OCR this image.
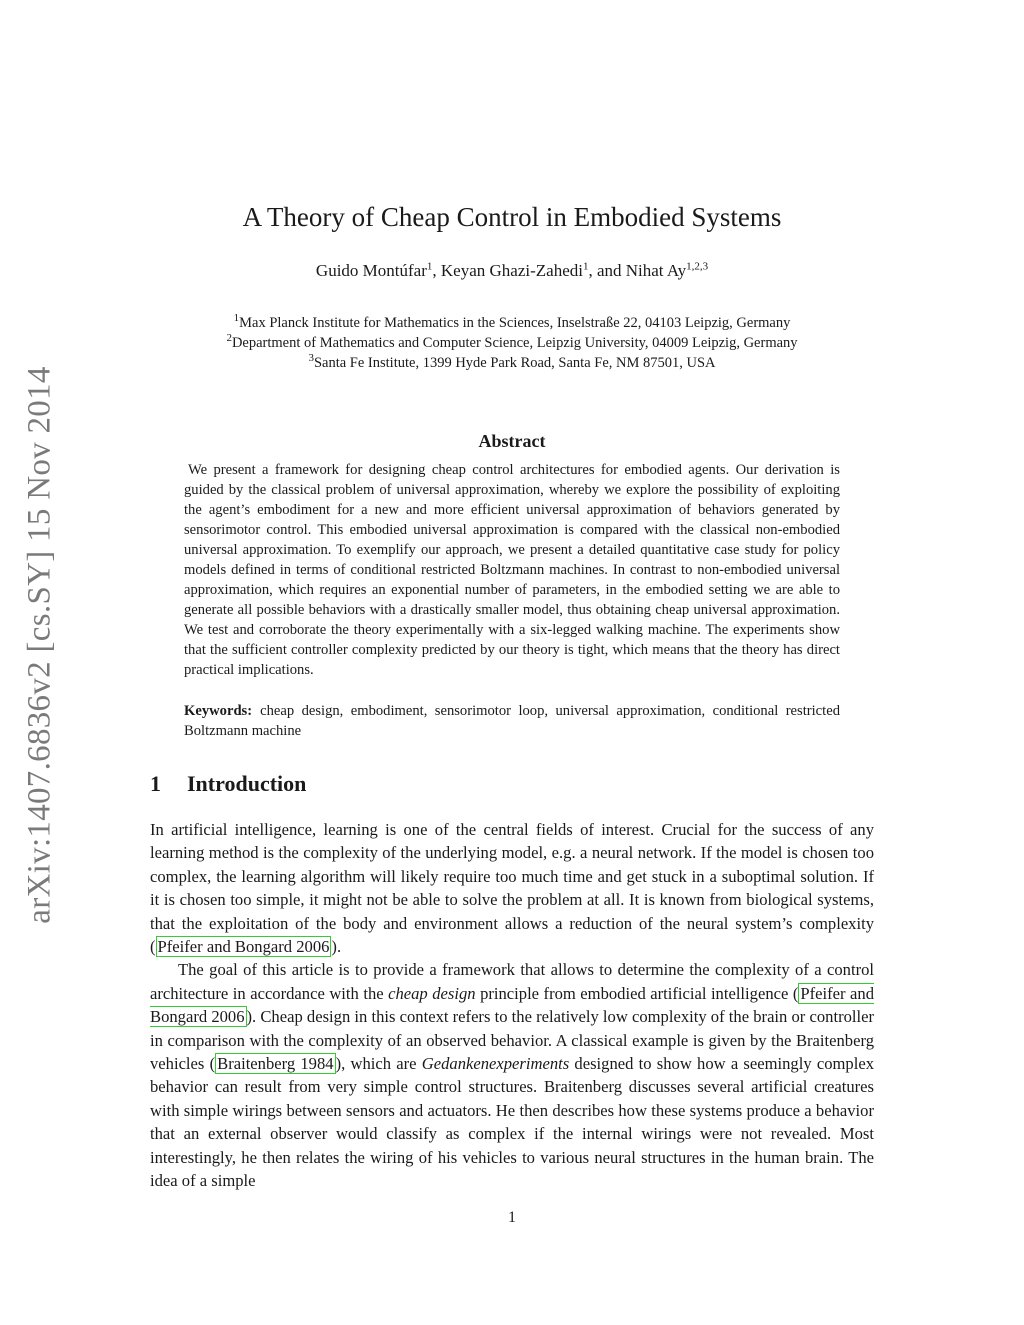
arXiv:1407.6836v2 [cs.SY] 15 Nov 2014
A Theory of Cheap Control in Embodied Systems
Guido Montúfar$^1$, Keyan Ghazi-Zahedi$^1$, and Nihat Ay$^{1,2,3}$
$^1$Max Planck Institute for Mathematics in the Sciences, Inselstraße 22, 04103 Leipzig, Germany
$^2$Department of Mathematics and Computer Science, Leipzig University, 04009 Leipzig, Germany
$^3$Santa Fe Institute, 1399 Hyde Park Road, Santa Fe, NM 87501, USA
Abstract
We present a framework for designing cheap control architectures for embodied agents. Our derivation is guided by the classical problem of universal approximation, whereby we explore the possibility of exploiting the agent’s embodiment for a new and more efficient universal approximation of behaviors generated by sensorimotor control. This embodied universal approximation is compared with the classical non-embodied universal approximation. To exemplify our approach, we present a detailed quantitative case study for policy models defined in terms of conditional restricted Boltzmann machines. In contrast to non-embodied universal approximation, which requires an exponential number of parameters, in the embodied setting we are able to generate all possible behaviors with a drastically smaller model, thus obtaining cheap universal approximation. We test and corroborate the theory experimentally with a six-legged walking machine. The experiments show that the sufficient controller complexity predicted by our theory is tight, which means that the theory has direct practical implications.
Keywords: cheap design, embodiment, sensorimotor loop, universal approximation, conditional restricted Boltzmann machine
1 Introduction

In artificial intelligence, learning is one of the central fields of interest. Crucial for the success of any learning method is the complexity of the underlying model, e.g. a neural network. If the model is chosen too complex, the learning algorithm will likely require too much time and get stuck in a suboptimal solution. If it is chosen too simple, it might not be able to solve the problem at all. It is known from biological systems, that the exploitation of the body and environment allows a reduction of the neural system’s complexity ( Pfeifer and Bongard 2006 ).

The goal of this article is to provide a framework that allows to determine the complexity of a control architecture in accordance with the cheap design principle from embodied artificial intelligence ( Pfeifer and Bongard 2006 ). Cheap design in this context refers to the relatively low complexity of the brain or controller in comparison with the complexity of an observed behavior. A classical example is given by the Braitenberg vehicles ( Braitenberg 1984 ), which are Gedankenexperiments designed to show how a seemingly complex behavior can result from very simple control structures. Braitenberg discusses several artificial creatures with simple wirings between sensors and actuators. He then describes how these systems produce a behavior that an external observer would classify as complex if the internal wirings were not revealed. Most interestingly, he then relates the wiring of his vehicles to various neural structures in the human brain. The idea of a simple

1
